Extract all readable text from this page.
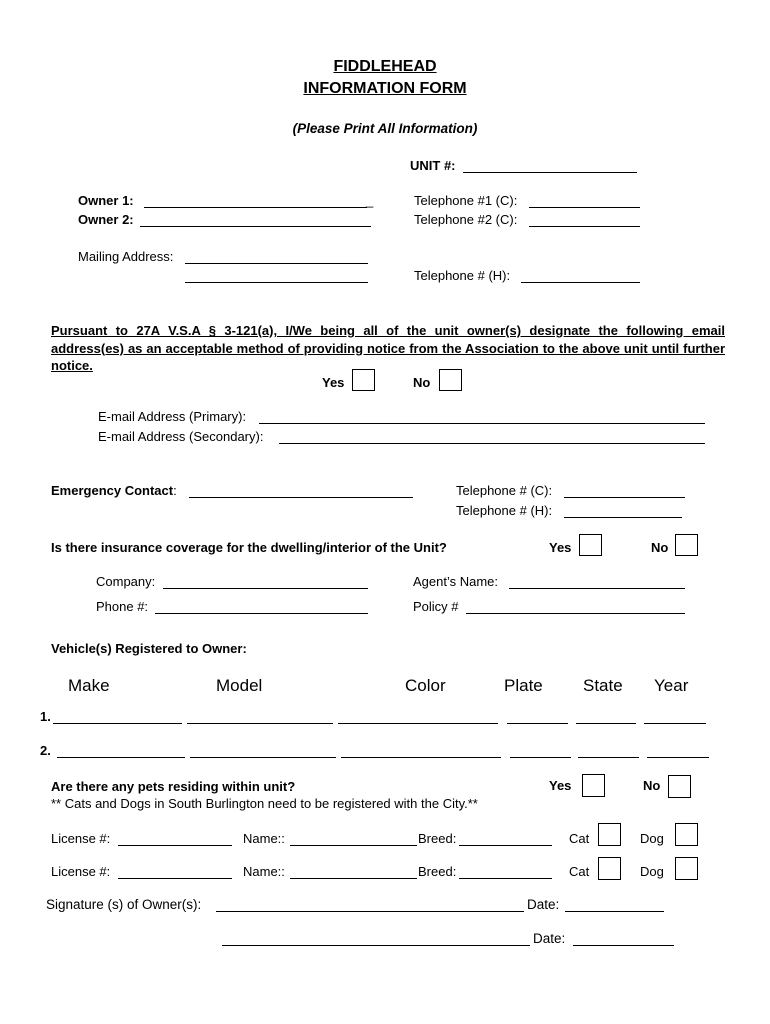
FIDDLEHEAD
INFORMATION FORM
(Please Print All Information)
UNIT #:
Owner 1:	_
Owner 2:
Telephone #1 (C):
Telephone #2 (C):
Mailing Address:
Telephone # (H):
Pursuant to 27A V.S.A § 3-121(a), I/We being all of the unit owner(s) designate the following email address(es) as an acceptable method of providing notice from the Association to the above unit until further notice.
Yes	No
E-mail Address (Primary):
E-mail Address (Secondary):
Emergency Contact:	Telephone # (C):
Telephone # (H):
Is there insurance coverage for the dwelling/interior of the Unit?	Yes	No
Company:	Agent’s Name:
Phone #:	Policy #
Vehicle(s) Registered to Owner:
Make	Model	Color	Plate State Year
1.
2.
Are there any pets residing within unit?
** Cats and Dogs in South Burlington need to be registered with the City.**
Yes	No
License #:	Name::	Breed:	Cat	Dog
License #:	Name::	Breed:	Cat	Dog
Signature (s) of Owner(s):	Date:
Date:
